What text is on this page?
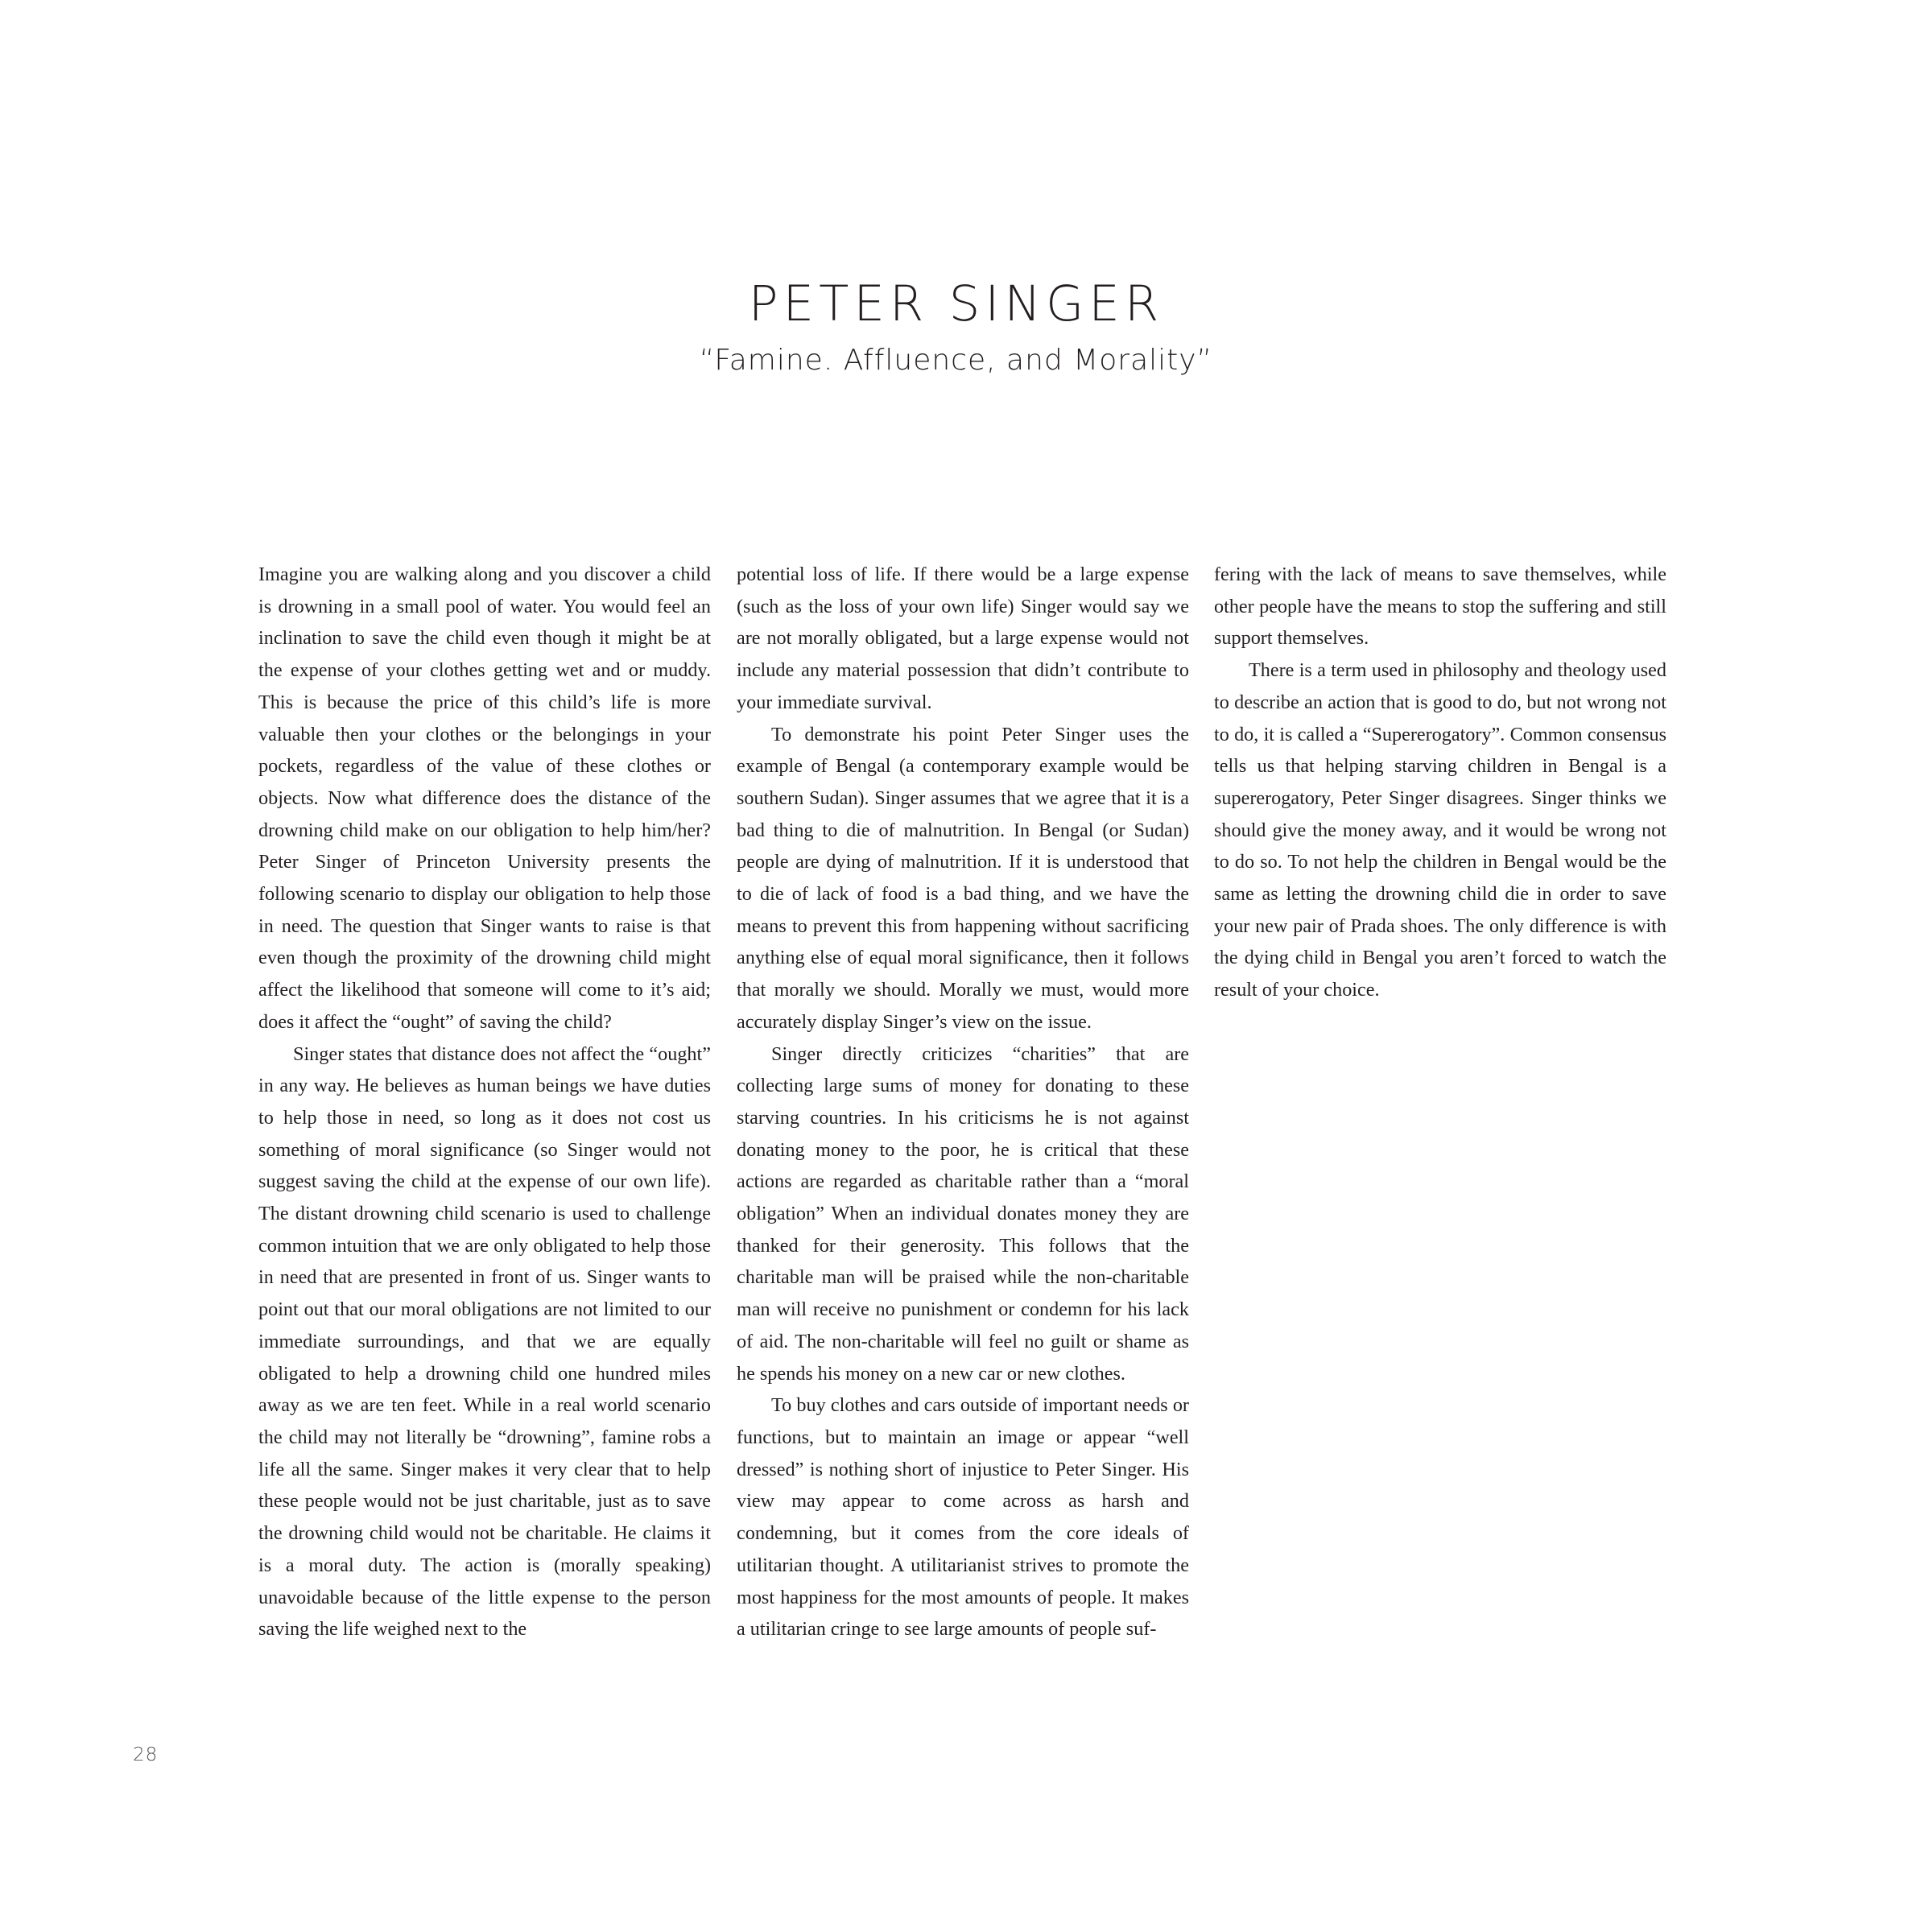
PETER SINGER
“Famine. Affluence, and Morality”

Imagine you are walking along and you discover a child is drowning in a small pool of water. You would feel an inclination to save the child even though it might be at the expense of your clothes getting wet and or muddy. This is because the price of this child’s life is more valuable then your clothes or the belongings in your pockets, regardless of the value of these clothes or objects. Now what difference does the distance of the drowning child make on our obligation to help him/her? Peter Singer of Princeton University presents the following scenario to display our obligation to help those in need. The question that Singer wants to raise is that even though the proximity of the drowning child might affect the likelihood that someone will come to it’s aid; does it affect the “ought” of saving the child?

Singer states that distance does not affect the “ought” in any way. He believes as human beings we have duties to help those in need, so long as it does not cost us something of moral significance (so Singer would not suggest saving the child at the expense of our own life). The distant drowning child scenario is used to challenge common intuition that we are only obligated to help those in need that are presented in front of us. Singer wants to point out that our moral obligations are not limited to our immediate surroundings, and that we are equally obligated to help a drowning child one hundred miles away as we are ten feet. While in a real world scenario the child may not literally be “drowning”, famine robs a life all the same. Singer makes it very clear that to help these people would not be just charitable, just as to save the drowning child would not be charitable. He claims it is a moral duty. The action is (morally speaking) unavoidable because of the little expense to the person saving the life weighed next to the

potential loss of life. If there would be a large expense (such as the loss of your own life) Singer would say we are not morally obligated, but a large expense would not include any material possession that didn’t contribute to your immediate survival.

To demonstrate his point Peter Singer uses the example of Bengal (a contemporary example would be southern Sudan). Singer assumes that we agree that it is a bad thing to die of malnutrition. In Bengal (or Sudan) people are dying of malnutrition. If it is understood that to die of lack of food is a bad thing, and we have the means to prevent this from happening without sacrificing anything else of equal moral significance, then it follows that morally we should. Morally we must, would more accurately display Singer’s view on the issue.

Singer directly criticizes “charities” that are collecting large sums of money for donating to these starving countries. In his criticisms he is not against donating money to the poor, he is critical that these actions are regarded as charitable rather than a “moral obligation” When an individual donates money they are thanked for their generosity. This follows that the charitable man will be praised while the non-charitable man will receive no punishment or condemn for his lack of aid. The non-charitable will feel no guilt or shame as he spends his money on a new car or new clothes.

To buy clothes and cars outside of important needs or functions, but to maintain an image or appear “well dressed” is nothing short of injustice to Peter Singer. His view may appear to come across as harsh and condemning, but it comes from the core ideals of utilitarian thought. A utilitarianist strives to promote the most happiness for the most amounts of people. It makes a utilitarian cringe to see large amounts of people suf-

fering with the lack of means to save themselves, while other people have the means to stop the suffering and still support themselves.

There is a term used in philosophy and theology used to describe an action that is good to do, but not wrong not to do, it is called a “Supererogatory”. Common consensus tells us that helping starving children in Bengal is a supererogatory, Peter Singer disagrees. Singer thinks we should give the money away, and it would be wrong not to do so. To not help the children in Bengal would be the same as letting the drowning child die in order to save your new pair of Prada shoes. The only difference is with the dying child in Bengal you aren’t forced to watch the result of your choice.

28
